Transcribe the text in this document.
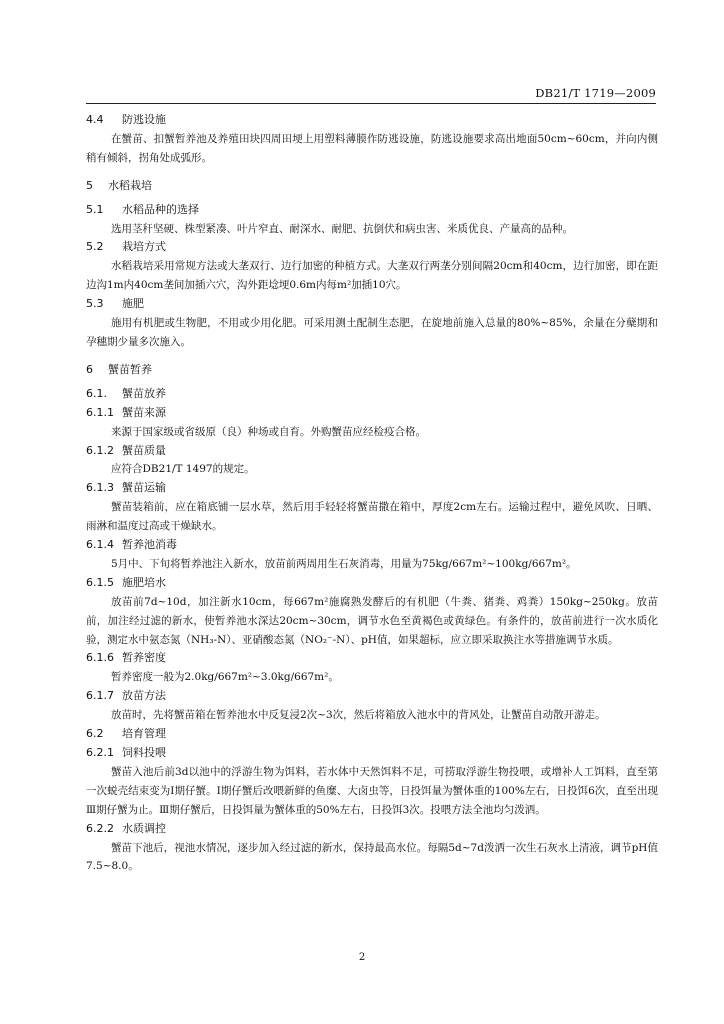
DB21/T 1719—2009
4.4 防逃设施
在蟹苗、扣蟹暂养池及养殖田块四周田埂上用塑料薄膜作防逃设施，防逃设施要求高出地面50cm~60cm，并向内侧稍有倾斜，拐角处成弧形。
5 水稻栽培
5.1 水稻品种的选择
选用茎秆坚硬、株型紧凑、叶片窄直、耐深水、耐肥、抗倒伏和病虫害、米质优良、产量高的品种。
5.2 栽培方式
水稻栽培采用常规方法或大垄双行、边行加密的种植方式。大垄双行两垄分别间隔20cm和40cm，边行加密，即在距边沟1m内40cm垄间加插六穴，沟外距埝埂0.6m内每m²加插10穴。
5.3 施肥
施用有机肥或生物肥，不用或少用化肥。可采用测土配制生态肥，在旋地前施入总量的80%~85%，余量在分蘖期和孕穗期少量多次施入。
6 蟹苗暂养
6.1. 蟹苗放养
6.1.1 蟹苗来源
来源于国家级或省级原（良）种场或自育。外购蟹苗应经检疫合格。
6.1.2 蟹苗质量
应符合DB21/T 1497的规定。
6.1.3 蟹苗运输
蟹苗装箱前，应在箱底铺一层水草，然后用手轻轻将蟹苗撒在箱中，厚度2cm左右。运输过程中，避免风吹、日晒、雨淋和温度过高或干燥缺水。
6.1.4 暂养池消毒
5月中、下旬将暂养池注入新水，放苗前两周用生石灰消毒，用量为75kg/667m²~100kg/667m²。
6.1.5 施肥培水
放苗前7d~10d，加注新水10cm，每667m²施腐熟发酵后的有机肥（牛粪、猪粪、鸡粪）150kg~250kg。放苗前，加注经过滤的新水，使暂养池水深达20cm~30cm，调节水色至黄褐色或黄绿色。有条件的，放苗前进行一次水质化验，测定水中氨态氮（NH₃-N）、亚硝酸态氮（NO₂⁻-N）、pH值，如果超标，应立即采取换注水等措施调节水质。
6.1.6 暂养密度
暂养密度一般为2.0kg/667m²~3.0kg/667m²。
6.1.7 放苗方法
放苗时，先将蟹苗箱在暂养池水中反复浸2次~3次，然后将箱放入池水中的背风处，让蟹苗自动散开游走。
6.2 培育管理
6.2.1 饲料投喂
蟹苗入池后前3d以池中的浮游生物为饵料，若水体中天然饵料不足，可捞取浮游生物投喂，或增补人工饵料，直至第一次蜕壳结束变为Ⅰ期仔蟹。Ⅰ期仔蟹后改喂新鲜的鱼糜、大卤虫等，日投饵量为蟹体重的100%左右，日投饵6次，直至出现Ⅲ期仔蟹为止。Ⅲ期仔蟹后，日投饵量为蟹体重的50%左右，日投饵3次。投喂方法全池均匀泼洒。
6.2.2 水质调控
蟹苗下池后，视池水情况，逐步加入经过滤的新水，保持最高水位。每隔5d~7d泼洒一次生石灰水上清液，调节pH值7.5~8.0。
2
